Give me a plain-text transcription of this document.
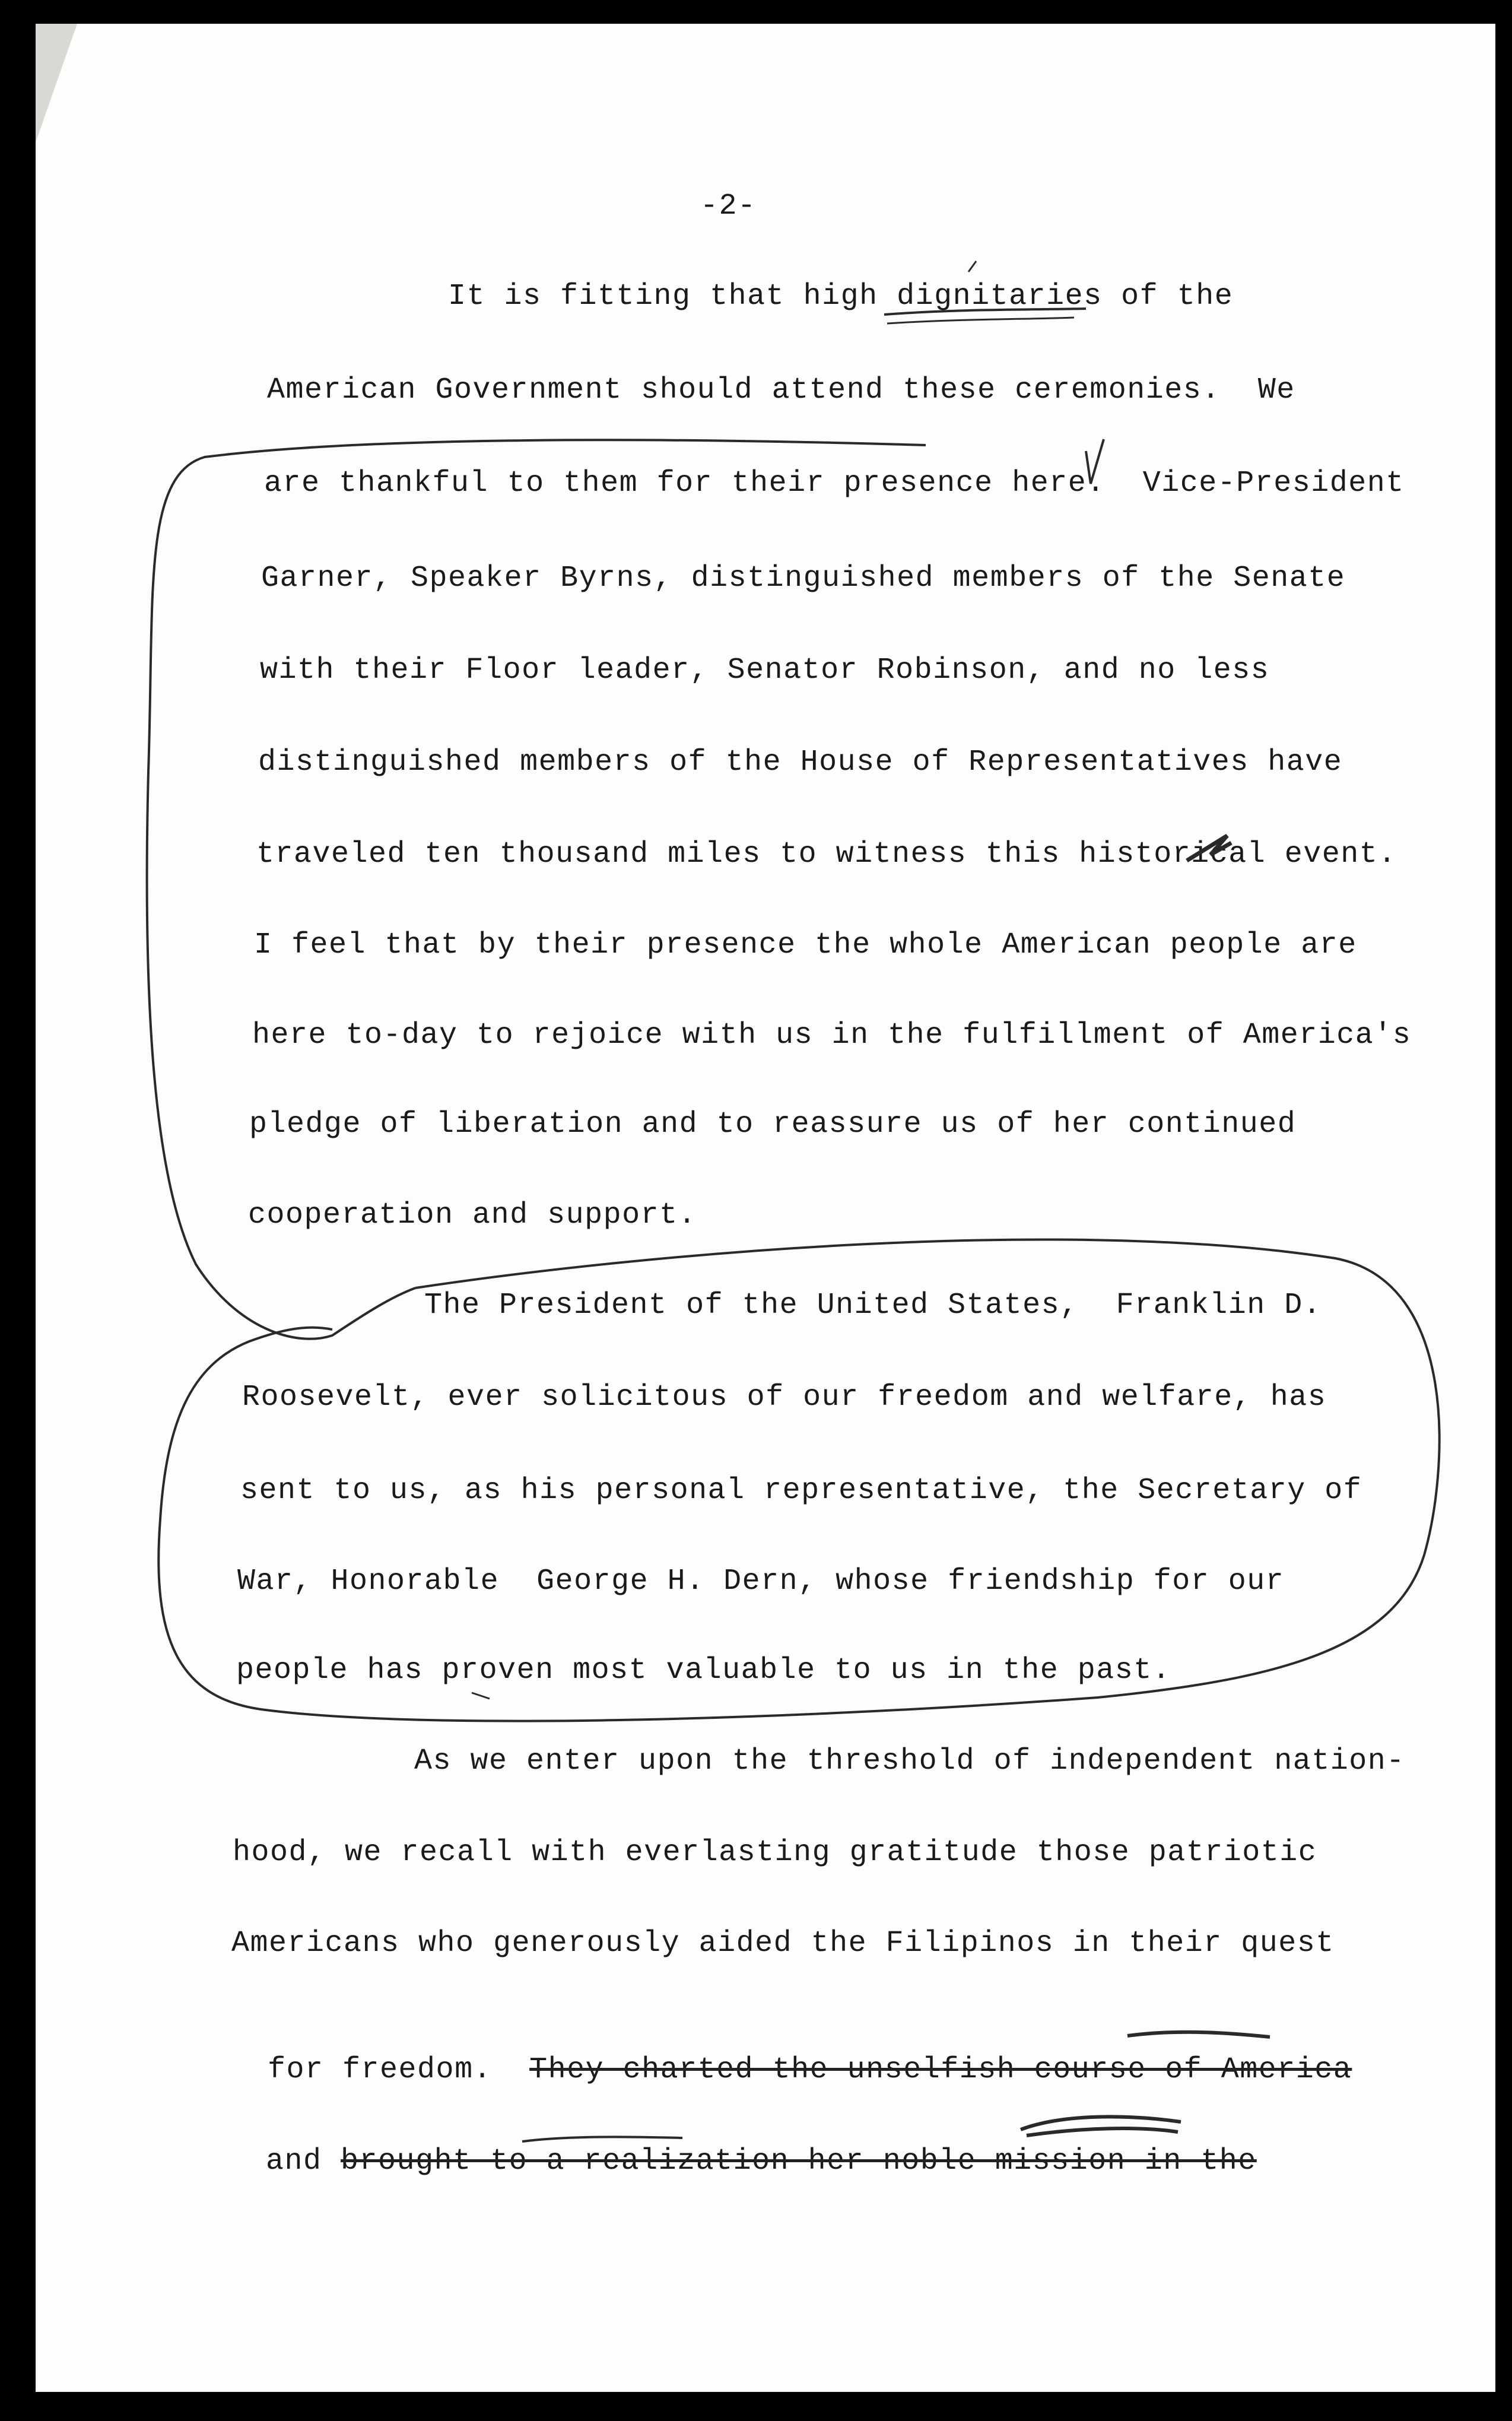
-2-
It is fitting that high dignitaries of the
American Government should attend these ceremonies.  We
are thankful to them for their presence here.  Vice-President
Garner, Speaker Byrns, distinguished members of the Senate
with their Floor leader, Senator Robinson, and no less
distinguished members of the House of Representatives have
traveled ten thousand miles to witness this historical event.
I feel that by their presence the whole American people are
here to-day to rejoice with us in the fulfillment of America's
pledge of liberation and to reassure us of her continued
cooperation and support.
The President of the United States,  Franklin D.
Roosevelt, ever solicitous of our freedom and welfare, has
sent to us, as his personal representative, the Secretary of
War, Honorable  George H. Dern, whose friendship for our
people has proven most valuable to us in the past.
As we enter upon the threshold of independent nation-
hood, we recall with everlasting gratitude those patriotic
Americans who generously aided the Filipinos in their quest

for freedom.  They charted the unselfish course of America

and brought to a realization her noble mission in the
